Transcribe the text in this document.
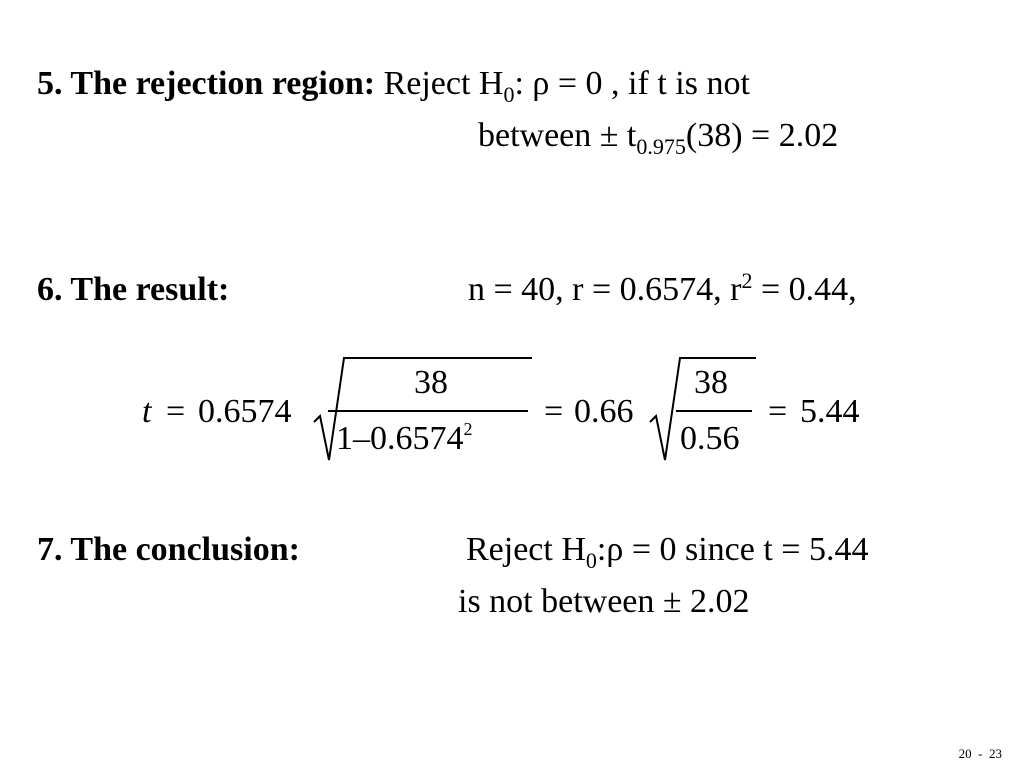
5. The rejection region: Reject $H_0$: ρ = 0 , if t is not
between ± $t_{0.975}(38) = 2.02$
6. The result:	n = 40, r = 0.6574, $r^2 = 0.44$,
t = 0.6574
38
$1-0.6574^2 = 0.66$
38
0.56
= 5.44
7. The conclusion:	Reject $H_0:\rho = 0$ since t = 5.44
is not between ± 2.02
20  -  23
